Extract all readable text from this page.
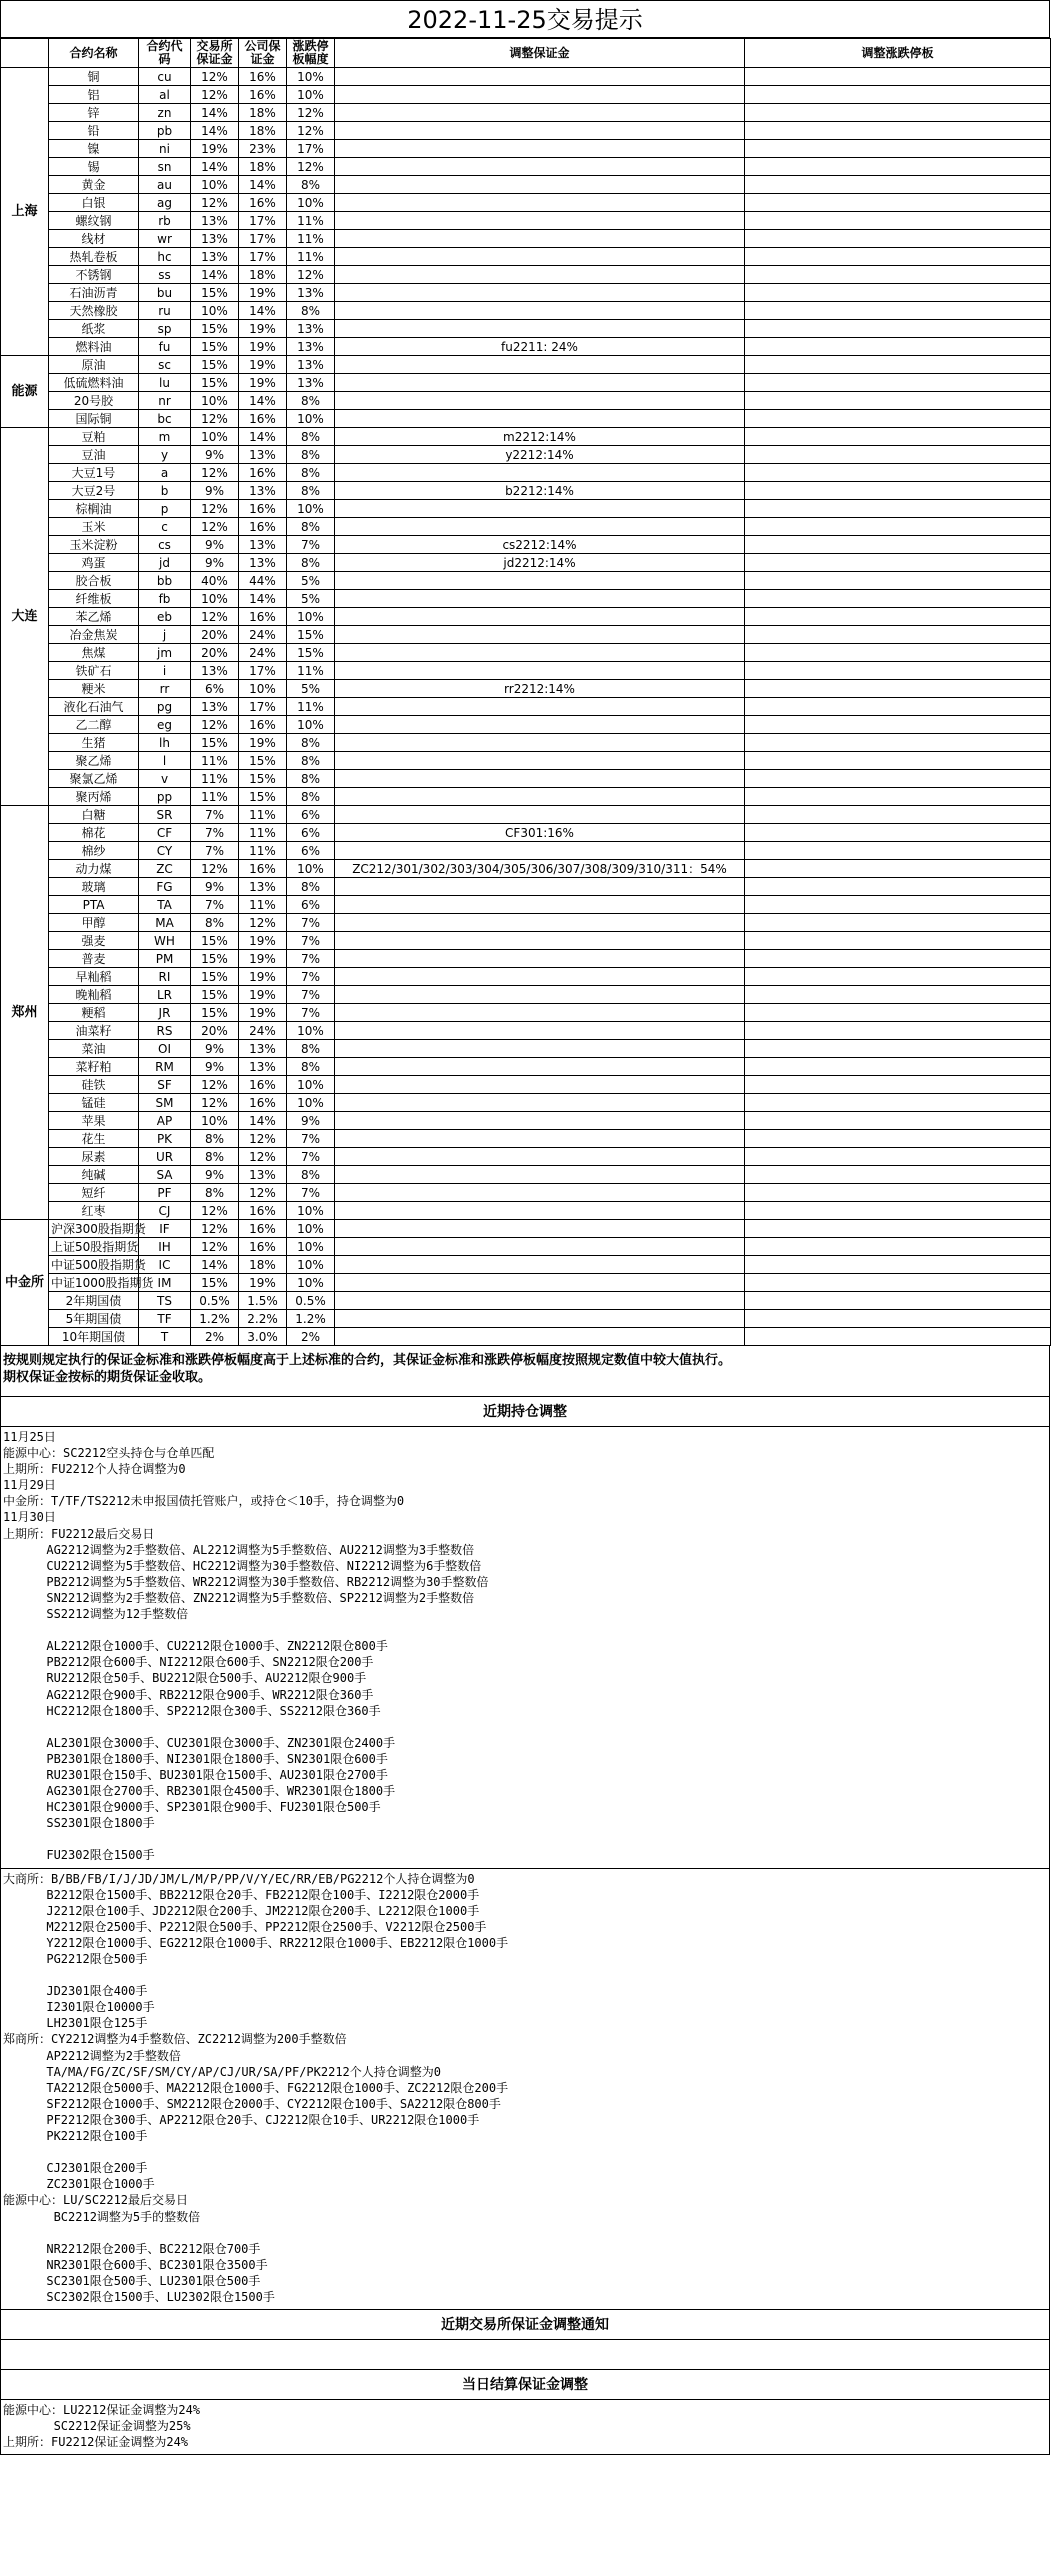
2022-11-25交易提示
	合约名称	合约代码	交易所保证金	公司保证金	涨跌停板幅度	调整保证金	调整涨跌停板
上海	铜	cu	12%	16%	10%		
	铝	al	12%	16%	10%		
	锌	zn	14%	18%	12%		
	铅	pb	14%	18%	12%		
	镍	ni	19%	23%	17%		
	锡	sn	14%	18%	12%		
	黄金	au	10%	14%	8%		
	白银	ag	12%	16%	10%		
	螺纹钢	rb	13%	17%	11%		
	线材	wr	13%	17%	11%		
	热轧卷板	hc	13%	17%	11%		
	不锈钢	ss	14%	18%	12%		
	石油沥青	bu	15%	19%	13%		
	天然橡胶	ru	10%	14%	8%		
	纸浆	sp	15%	19%	13%		
	燃料油	fu	15%	19%	13%	fu2211: 24%	
能源	原油	sc	15%	19%	13%		
	低硫燃料油	lu	15%	19%	13%		
	20号胶	nr	10%	14%	8%		
	国际铜	bc	12%	16%	10%		
大连	豆粕	m	10%	14%	8%	m2212:14%	
	豆油	y	9%	13%	8%	y2212:14%	
	大豆1号	a	12%	16%	8%		
	大豆2号	b	9%	13%	8%	b2212:14%	
	棕榈油	p	12%	16%	10%		
	玉米	c	12%	16%	8%		
	玉米淀粉	cs	9%	13%	7%	cs2212:14%	
	鸡蛋	jd	9%	13%	8%	jd2212:14%	
	胶合板	bb	40%	44%	5%		
	纤维板	fb	10%	14%	5%		
	苯乙烯	eb	12%	16%	10%		
	冶金焦炭	j	20%	24%	15%		
	焦煤	jm	20%	24%	15%		
	铁矿石	i	13%	17%	11%		
	粳米	rr	6%	10%	5%	rr2212:14%	
	液化石油气	pg	13%	17%	11%		
	乙二醇	eg	12%	16%	10%		
	生猪	lh	15%	19%	8%		
	聚乙烯	l	11%	15%	8%		
	聚氯乙烯	v	11%	15%	8%		
	聚丙烯	pp	11%	15%	8%		
郑州	白糖	SR	7%	11%	6%		
	棉花	CF	7%	11%	6%	CF301:16%	
	棉纱	CY	7%	11%	6%		
	动力煤	ZC	12%	16%	10%	ZC212/301/302/303/304/305/306/307/308/309/310/311：54%	
	玻璃	FG	9%	13%	8%		
	PTA	TA	7%	11%	6%		
	甲醇	MA	8%	12%	7%		
	强麦	WH	15%	19%	7%		
	普麦	PM	15%	19%	7%		
	早籼稻	RI	15%	19%	7%		
	晚籼稻	LR	15%	19%	7%		
	粳稻	JR	15%	19%	7%		
	油菜籽	RS	20%	24%	10%		
	菜油	OI	9%	13%	8%		
	菜籽粕	RM	9%	13%	8%		
	硅铁	SF	12%	16%	10%		
	锰硅	SM	12%	16%	10%		
	苹果	AP	10%	14%	9%		
	花生	PK	8%	12%	7%		
	尿素	UR	8%	12%	7%		
	纯碱	SA	9%	13%	8%		
	短纤	PF	8%	12%	7%		
	红枣	CJ	12%	16%	10%		
中金所	沪深300股指期货	IF	12%	16%	10%		
	上证50股指期货	IH	12%	16%	10%		
	中证500股指期货	IC	14%	18%	10%		
	中证1000股指期货	IM	15%	19%	10%		
	2年期国债	TS	0.5%	1.5%	0.5%		
	5年期国债	TF	1.2%	2.2%	1.2%		
	10年期国债	T	2%	3.0%	2%		
按规则规定执行的保证金标准和涨跌停板幅度高于上述标准的合约，其保证金标准和涨跌停板幅度按照规定数值中较大值执行。
期权保证金按标的期货保证金收取。
近期持仓调整
11月25日
能源中心：SC2212空头持仓与仓单匹配
上期所：FU2212个人持仓调整为0
11月29日
中金所：T/TF/TS2212未申报国债托管账户，或持仓＜10手，持仓调整为0
11月30日
上期所：FU2212最后交易日
AG2212调整为2手整数倍、AL2212调整为5手整数倍、AU2212调整为3手整数倍
CU2212调整为5手整数倍、HC2212调整为30手整数倍、NI2212调整为6手整数倍
PB2212调整为5手整数倍、WR2212调整为30手整数倍、RB2212调整为30手整数倍
SN2212调整为2手整数倍、ZN2212调整为5手整数倍、SP2212调整为2手整数倍
SS2212调整为12手整数倍
AL2212限仓1000手、CU2212限仓1000手、ZN2212限仓800手
PB2212限仓600手、NI2212限仓600手、SN2212限仓200手
RU2212限仓50手、BU2212限仓500手、AU2212限仓900手
AG2212限仓900手、RB2212限仓900手、WR2212限仓360手
HC2212限仓1800手、SP2212限仓300手、SS2212限仓360手
AL2301限仓3000手、CU2301限仓3000手、ZN2301限仓2400手
PB2301限仓1800手、NI2301限仓1800手、SN2301限仓600手
RU2301限仓150手、BU2301限仓1500手、AU2301限仓2700手
AG2301限仓2700手、RB2301限仓4500手、WR2301限仓1800手
HC2301限仓9000手、SP2301限仓900手、FU2301限仓500手
SS2301限仓1800手
FU2302限仓1500手
大商所：B/BB/FB/I/J/JD/JM/L/M/P/PP/V/Y/EC/RR/EB/PG2212个人持仓调整为0
B2212限仓1500手、BB2212限仓20手、FB2212限仓100手、I2212限仓2000手
J2212限仓100手、JD2212限仓200手、JM2212限仓200手、L2212限仓1000手
M2212限仓2500手、P2212限仓500手、PP2212限仓2500手、V2212限仓2500手
Y2212限仓1000手、EG2212限仓1000手、RR2212限仓1000手、EB2212限仓1000手
PG2212限仓500手
JD2301限仓400手
I2301限仓10000手
LH2301限仓125手
郑商所：CY2212调整为4手整数倍、ZC2212调整为200手整数倍
AP2212调整为2手整数倍
TA/MA/FG/ZC/SF/SM/CY/AP/CJ/UR/SA/PF/PK2212个人持仓调整为0
TA2212限仓5000手、MA2212限仓1000手、FG2212限仓1000手、ZC2212限仓200手
SF2212限仓1000手、SM2212限仓2000手、CY2212限仓100手、SA2212限仓800手
PF2212限仓300手、AP2212限仓20手、CJ2212限仓10手、UR2212限仓1000手
PK2212限仓100手
CJ2301限仓200手
ZC2301限仓1000手
能源中心：LU/SC2212最后交易日
BC2212调整为5手的整数倍
NR2212限仓200手、BC2212限仓700手
NR2301限仓600手、BC2301限仓3500手
SC2301限仓500手、LU2301限仓500手
SC2302限仓1500手、LU2302限仓1500手
近期交易所保证金调整通知
当日结算保证金调整
能源中心：LU2212保证金调整为24%
SC2212保证金调整为25%
上期所：FU2212保证金调整为24%
